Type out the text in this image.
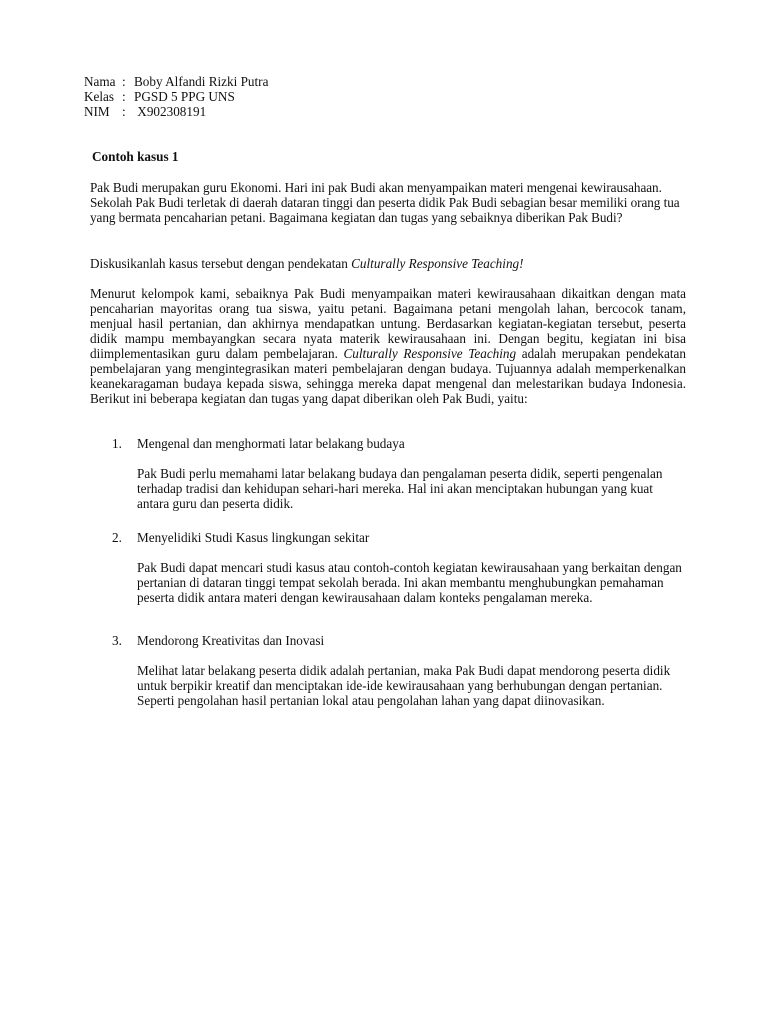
Nama : Boby Alfandi Rizki Putra
Kelas : PGSD 5 PPG UNS
NIM : X902308191
Contoh kasus 1

Pak Budi merupakan guru Ekonomi. Hari ini pak Budi akan menyampaikan materi mengenai kewirausahaan. Sekolah Pak Budi terletak di daerah dataran tinggi dan peserta didik Pak Budi sebagian besar memiliki orang tua yang bermata pencaharian petani. Bagaimana kegiatan dan tugas yang sebaiknya diberikan Pak Budi?

Diskusikanlah kasus tersebut dengan pendekatan Culturally Responsive Teaching!

Menurut kelompok kami, sebaiknya Pak Budi menyampaikan materi kewirausahaan dikaitkan dengan mata pencaharian mayoritas orang tua siswa, yaitu petani. Bagaimana petani mengolah lahan, bercocok tanam, menjual hasil pertanian, dan akhirnya mendapatkan untung. Berdasarkan kegiatan-kegiatan tersebut, peserta didik mampu membayangkan secara nyata materik kewirausahaan ini. Dengan begitu, kegiatan ini bisa diimplementasikan guru dalam pembelajaran. Culturally Responsive Teaching adalah merupakan pendekatan pembelajaran yang mengintegrasikan materi pembelajaran dengan budaya. Tujuannya adalah memperkenalkan keanekaragaman budaya kepada siswa, sehingga mereka dapat mengenal dan melestarikan budaya Indonesia. Berikut ini beberapa kegiatan dan tugas yang dapat diberikan oleh Pak Budi, yaitu:

1.	Mengenal dan menghormati latar belakang budaya

Pak Budi perlu memahami latar belakang budaya dan pengalaman peserta didik, seperti pengenalan terhadap tradisi dan kehidupan sehari-hari mereka. Hal ini akan menciptakan hubungan yang kuat antara guru dan peserta didik.

2.	Menyelidiki Studi Kasus lingkungan sekitar

Pak Budi dapat mencari studi kasus atau contoh-contoh kegiatan kewirausahaan yang berkaitan dengan pertanian di dataran tinggi tempat sekolah berada. Ini akan membantu menghubungkan pemahaman peserta didik antara materi dengan kewirausahaan dalam konteks pengalaman mereka.

3.	Mendorong Kreativitas dan Inovasi

Melihat latar belakang peserta didik adalah pertanian, maka Pak Budi dapat mendorong peserta didik untuk berpikir kreatif dan menciptakan ide-ide kewirausahaan yang berhubungan dengan pertanian. Seperti pengolahan hasil pertanian lokal atau pengolahan lahan yang dapat diinovasikan.
